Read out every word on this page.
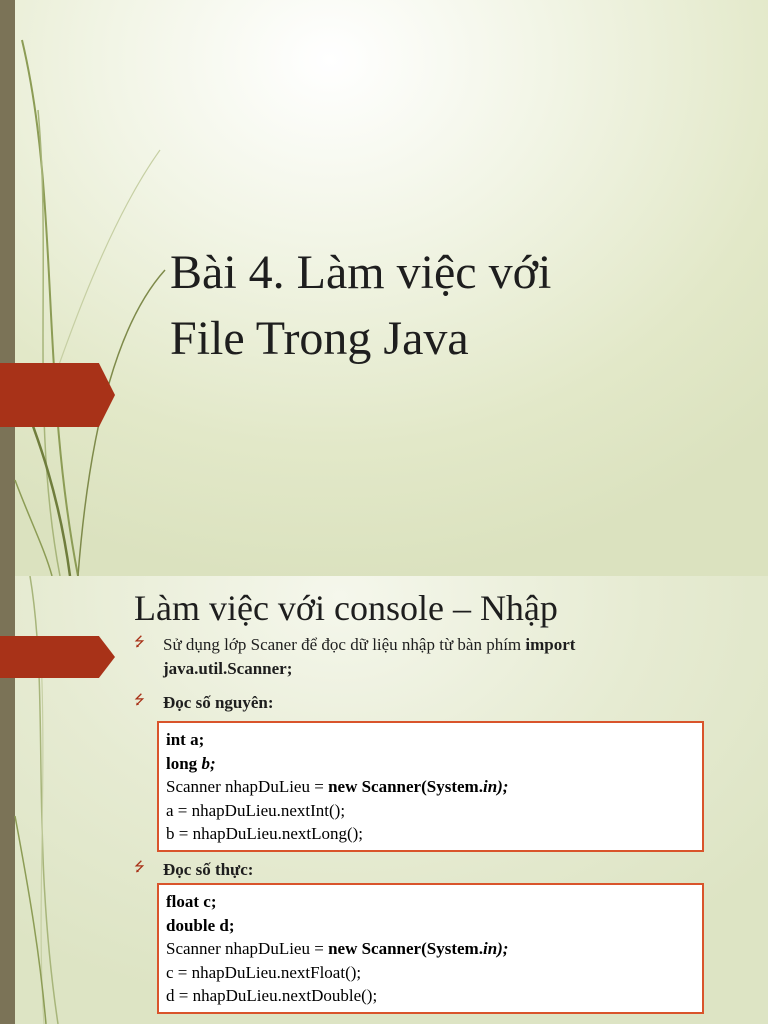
Bài 4. Làm việc với
File Trong Java
Làm việc với console – Nhập
⭍ Sử dụng lớp Scaner để đọc dữ liệu nhập từ bàn phím import java.util.Scanner;
⭍ Đọc số nguyên:
int a;
long b;
Scanner nhapDuLieu = new Scanner(System.in);
a = nhapDuLieu.nextInt();
b = nhapDuLieu.nextLong();
⭍ Đọc số thực:
float c;
double d;
Scanner nhapDuLieu = new Scanner(System.in);
c = nhapDuLieu.nextFloat();
d = nhapDuLieu.nextDouble();
